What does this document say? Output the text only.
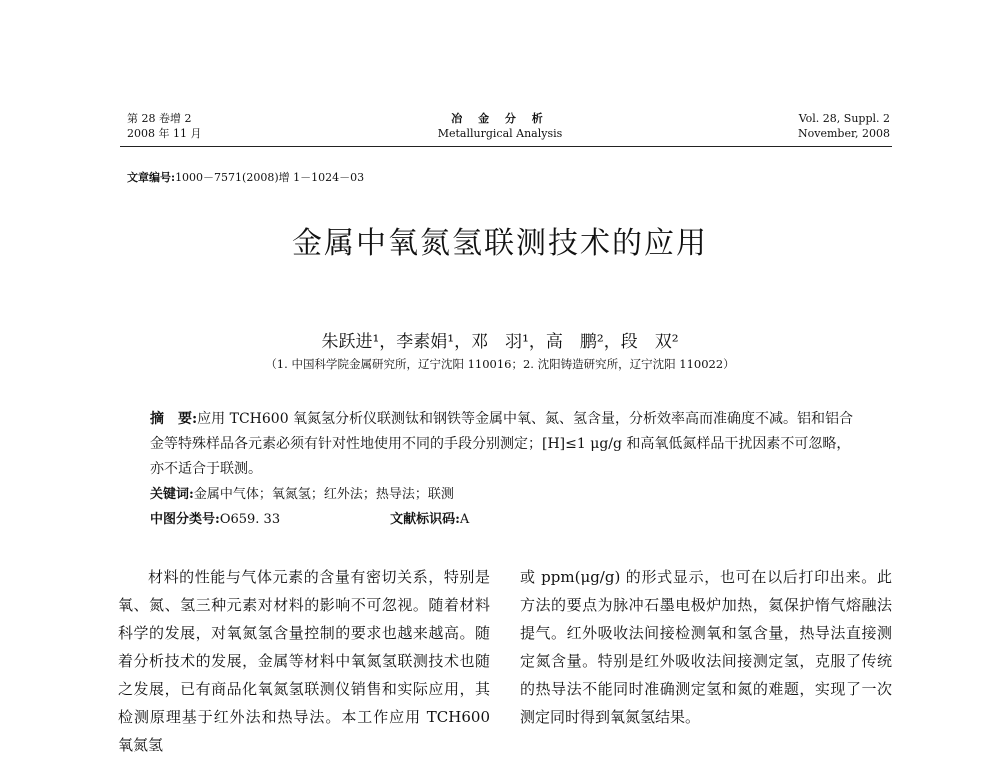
第 28 卷增 2
2008 年 11 月
冶 金 分 析
Metallurgical Analysis
Vol. 28, Suppl. 2
November, 2008
文章编号:1000－7571(2008)增 1－1024－03
金属中氧氮氢联测技术的应用
朱跃进¹，李素娟¹，邓　羽¹，高　鹏²，段　双²
（1. 中国科学院金属研究所，辽宁沈阳 110016；2. 沈阳铸造研究所，辽宁沈阳 110022）
摘　要:应用 TCH600 氧氮氢分析仪联测钛和钢铁等金属中氧、氮、氢含量，分析效率高而准确度不减。铝和铝合金等特殊样品各元素必须有针对性地使用不同的手段分别测定；[H]≤1 μg/g 和高氧低氮样品干扰因素不可忽略，亦不适合于联测。
关键词:金属中气体；氧氮氢；红外法；热导法；联测
中图分类号:O659. 33	文献标识码:A
材料的性能与气体元素的含量有密切关系，特别是氧、氮、氢三种元素对材料的影响不可忽视。随着材料科学的发展，对氧氮氢含量控制的要求也越来越高。随着分析技术的发展，金属等材料中氧氮氢联测技术也随之发展，已有商品化氧氮氢联测仪销售和实际应用，其检测原理基于红外法和热导法。本工作应用 TCH600 氧氮氢
或 ppm(μg/g) 的形式显示，也可在以后打印出来。此方法的要点为脉冲石墨电极炉加热，氦保护惰气熔融法提气。红外吸收法间接检测氧和氢含量，热导法直接测定氮含量。特别是红外吸收法间接测定氢，克服了传统的热导法不能同时准确测定氢和氮的难题，实现了一次测定同时得到氧氮氢结果。
